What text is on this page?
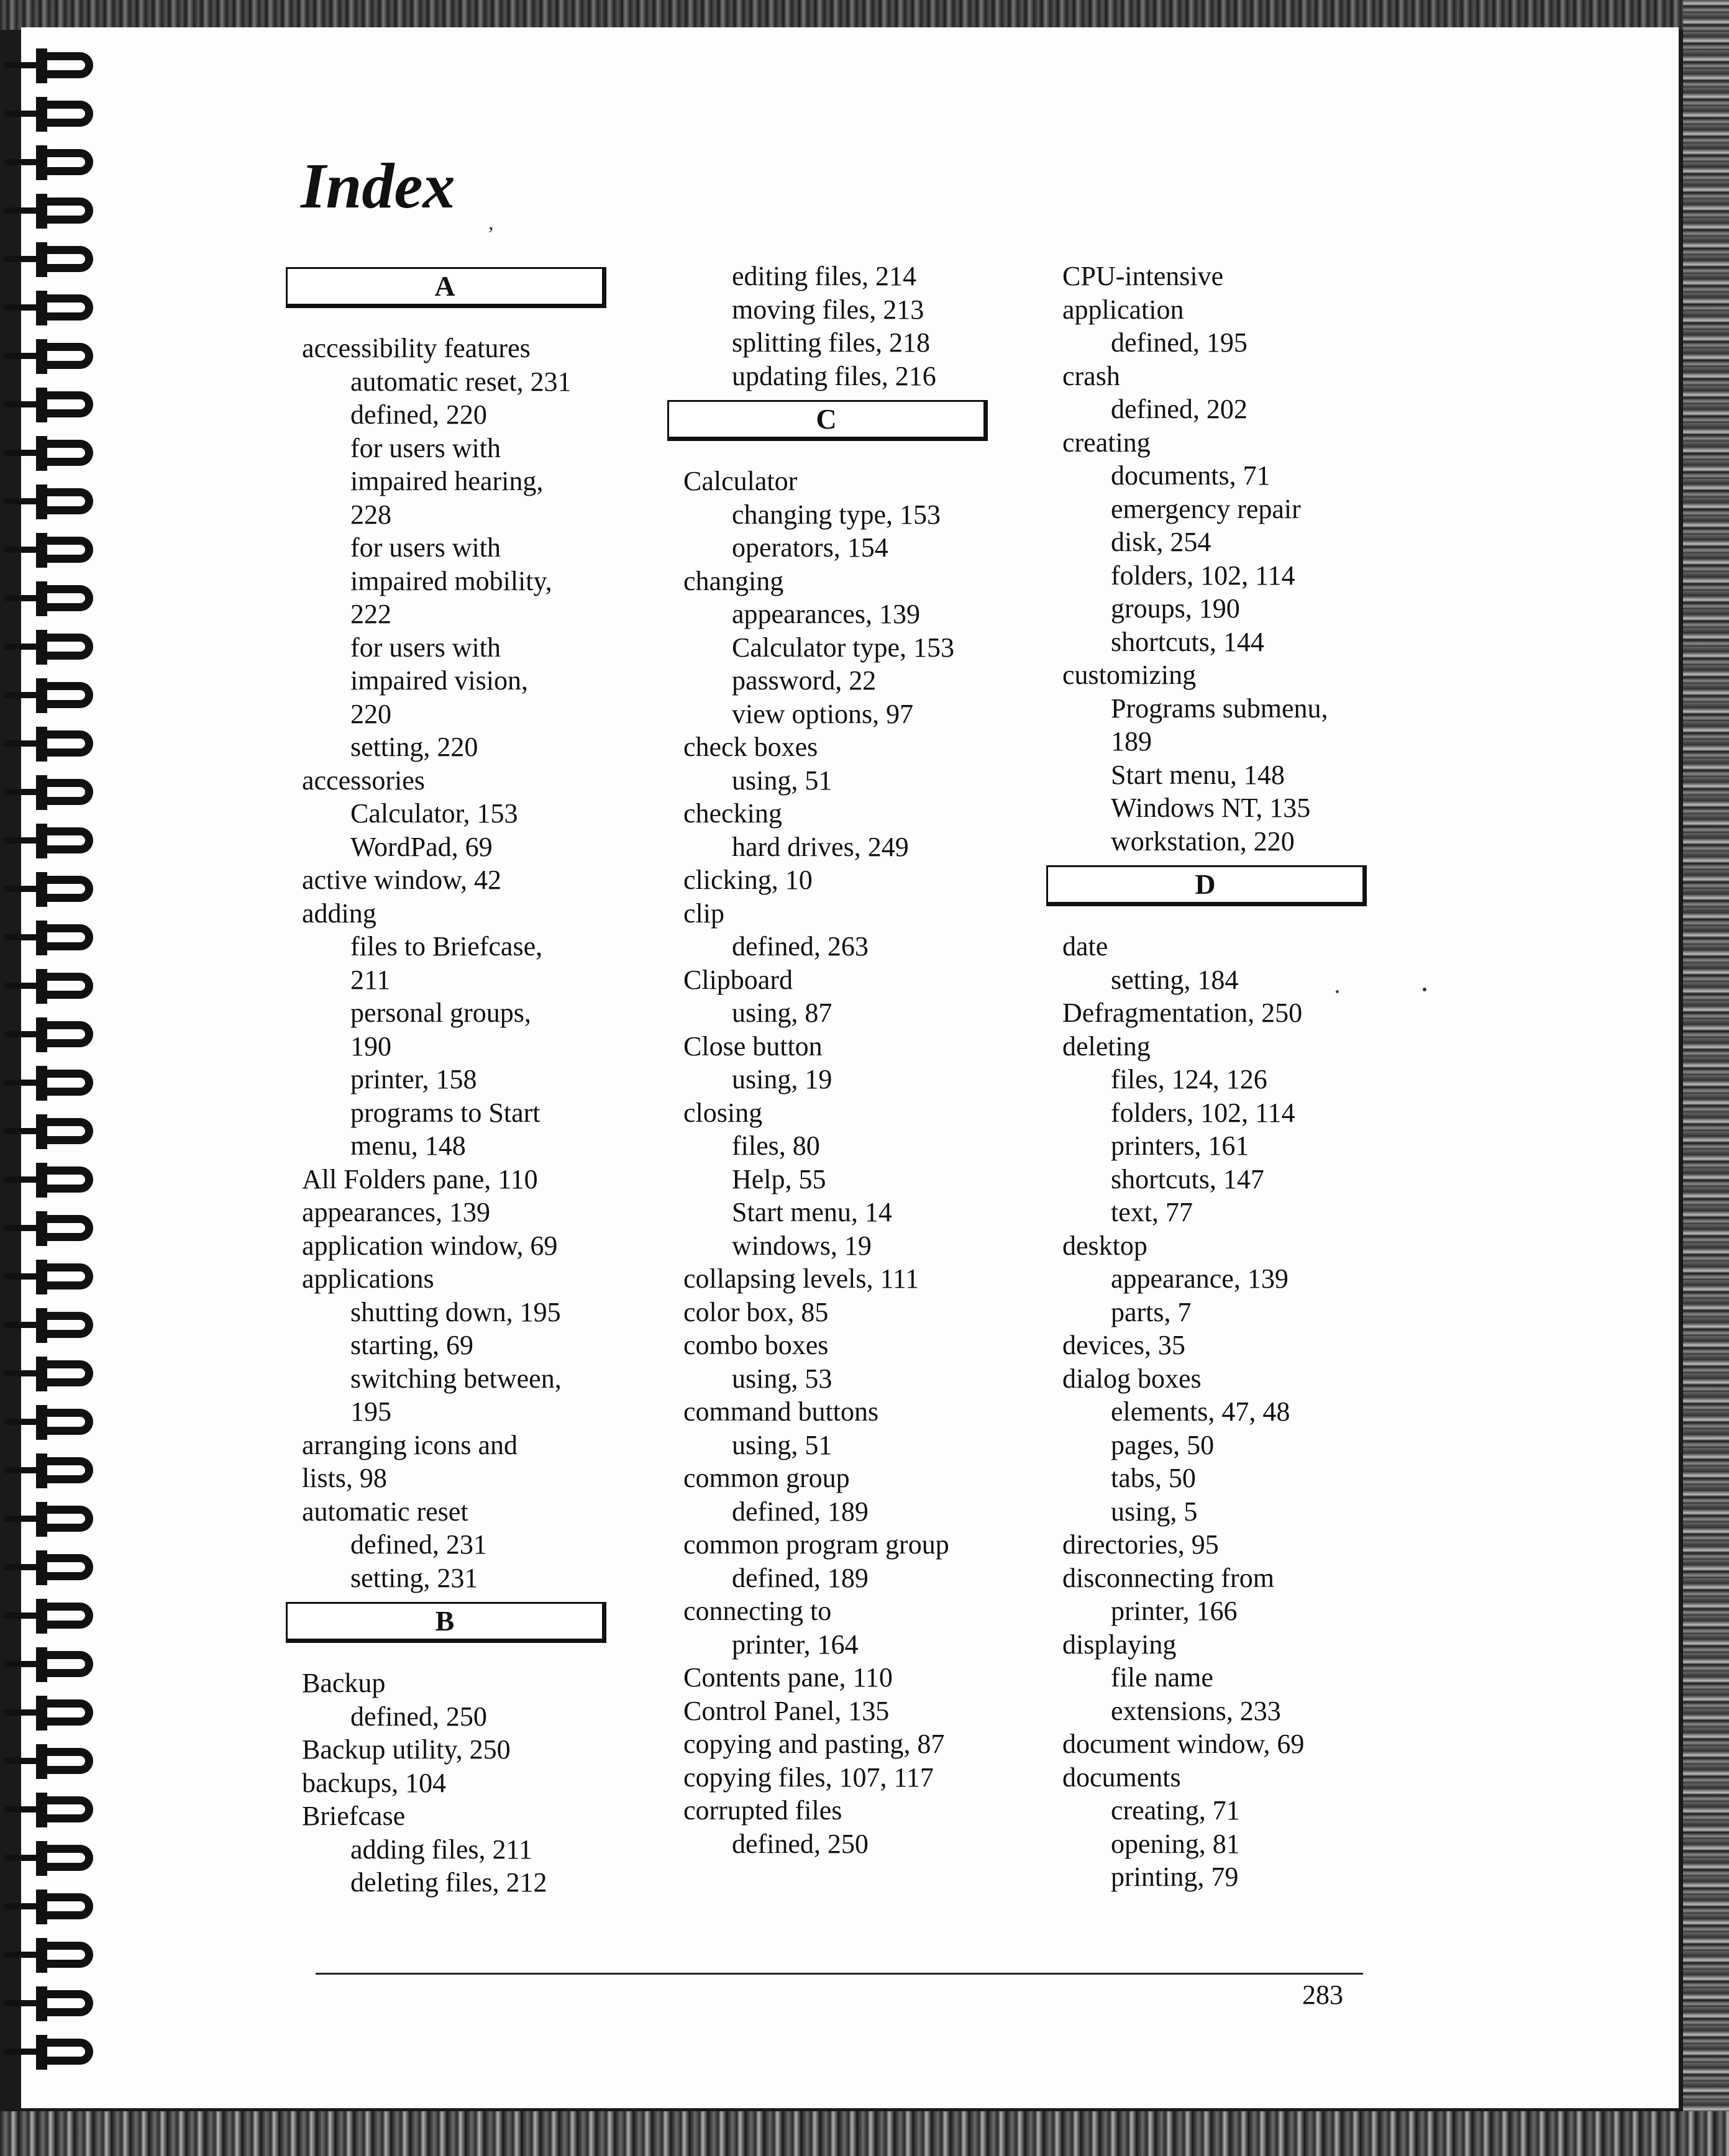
Index
,
A
accessibility features
automatic reset, 231
defined, 220
for users with
impaired hearing,
228
for users with
impaired mobility,
222
for users with
impaired vision,
220
setting, 220
accessories
Calculator, 153
WordPad, 69
active window, 42
adding
files to Briefcase,
211
personal groups,
190
printer, 158
programs to Start
menu, 148
All Folders pane, 110
appearances, 139
application window, 69
applications
shutting down, 195
starting, 69
switching between,
195
arranging icons and
lists, 98
automatic reset
defined, 231
setting, 231
B
Backup
defined, 250
Backup utility, 250
backups, 104
Briefcase
adding files, 211
deleting files, 212
editing files, 214
moving files, 213
splitting files, 218
updating files, 216
C
Calculator
changing type, 153
operators, 154
changing
appearances, 139
Calculator type, 153
password, 22
view options, 97
check boxes
using, 51
checking
hard drives, 249
clicking, 10
clip
defined, 263
Clipboard
using, 87
Close button
using, 19
closing
files, 80
Help, 55
Start menu, 14
windows, 19
collapsing levels, 111
color box, 85
combo boxes
using, 53
command buttons
using, 51
common group
defined, 189
common program group
defined, 189
connecting to
printer, 164
Contents pane, 110
Control Panel, 135
copying and pasting, 87
copying files, 107, 117
corrupted files
defined, 250
CPU-intensive
application
defined, 195
crash
defined, 202
creating
documents, 71
emergency repair
disk, 254
folders, 102, 114
groups, 190
shortcuts, 144
customizing
Programs submenu,
189
Start menu, 148
Windows NT, 135
workstation, 220
D
date
setting, 184
Defragmentation, 250
deleting
files, 124, 126
folders, 102, 114
printers, 161
shortcuts, 147
text, 77
desktop
appearance, 139
parts, 7
devices, 35
dialog boxes
elements, 47, 48
pages, 50
tabs, 50
using, 5
directories, 95
disconnecting from
printer, 166
displaying
file name
extensions, 233
document window, 69
documents
creating, 71
opening, 81
printing, 79
283
